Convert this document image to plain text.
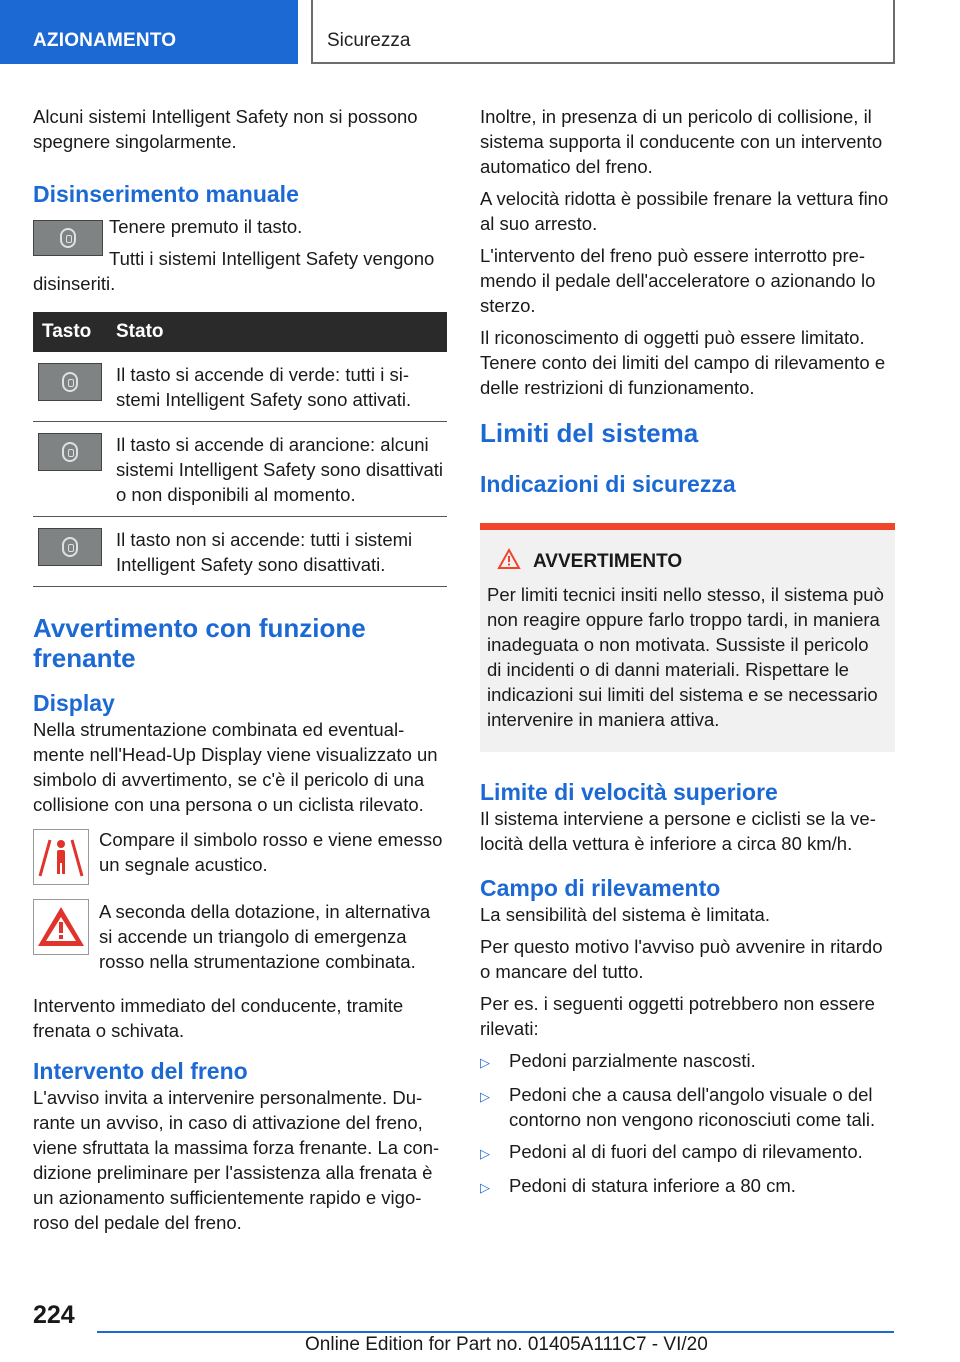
AZIONAMENTO	Sicurezza

Alcuni sistemi Intelligent Safety non si possono spegnere singolarmente.

Disinserimento manuale

Tenere premuto il tasto.

Tutti i sistemi Intelligent Safety vengono

disinseriti.

Tasto	Stato
Il tasto si accende di verde: tutti i sistemi Intelligent Safety sono attivati.
Il tasto si accende di arancione: alcuni sistemi Intelligent Safety sono disattivati o non disponibili al momento.
Il tasto non si accende: tutti i sistemi Intelligent Safety sono disattivati.
Avvertimento con funzione frenante
Display

Nella strumentazione combinata ed eventualmente nell'Head-Up Display viene visualizzato un simbolo di avvertimento, se c'è il pericolo di una collisione con una persona o un ciclista rilevato.

Compare il simbolo rosso e viene emesso un segnale acustico.

A seconda della dotazione, in alternativa si accende un triangolo di emergenza rosso nella strumentazione combinata.

Intervento immediato del conducente, tramite frenata o schivata.

Intervento del freno

L'avviso invita a intervenire personalmente. Durante un avviso, in caso di attivazione del freno, viene sfruttata la massima forza frenante. La condizione preliminare per l'assistenza alla frenata è un azionamento sufficientemente rapido e vigoroso del pedale del freno.

Inoltre, in presenza di un pericolo di collisione, il sistema supporta il conducente con un intervento automatico del freno.

A velocità ridotta è possibile frenare la vettura fino al suo arresto.

L'intervento del freno può essere interrotto premendo il pedale dell'acceleratore o azionando lo sterzo.

Il riconoscimento di oggetti può essere limitato. Tenere conto dei limiti del campo di rilevamento e delle restrizioni di funzionamento.

Limiti del sistema
Indicazioni di sicurezza
AVVERTIMENTO

Per limiti tecnici insiti nello stesso, il sistema può non reagire oppure farlo troppo tardi, in maniera inadeguata o non motivata. Sussiste il pericolo di incidenti o di danni materiali. Rispettare le indicazioni sui limiti del sistema e se necessario intervenire in maniera attiva.

Limite di velocità superiore

Il sistema interviene a persone e ciclisti se la velocità della vettura è inferiore a circa 80 km/h.

Campo di rilevamento

La sensibilità del sistema è limitata.

Per questo motivo l'avviso può avvenire in ritardo o mancare del tutto.

Per es. i seguenti oggetti potrebbero non essere rilevati:

▷	Pedoni parzialmente nascosti.
▷	Pedoni che a causa dell'angolo visuale o del contorno non vengono riconosciuti come tali.
▷	Pedoni al di fuori del campo di rilevamento.
▷	Pedoni di statura inferiore a 80 cm.
224
Online Edition for Part no. 01405A111C7 - VI/20
